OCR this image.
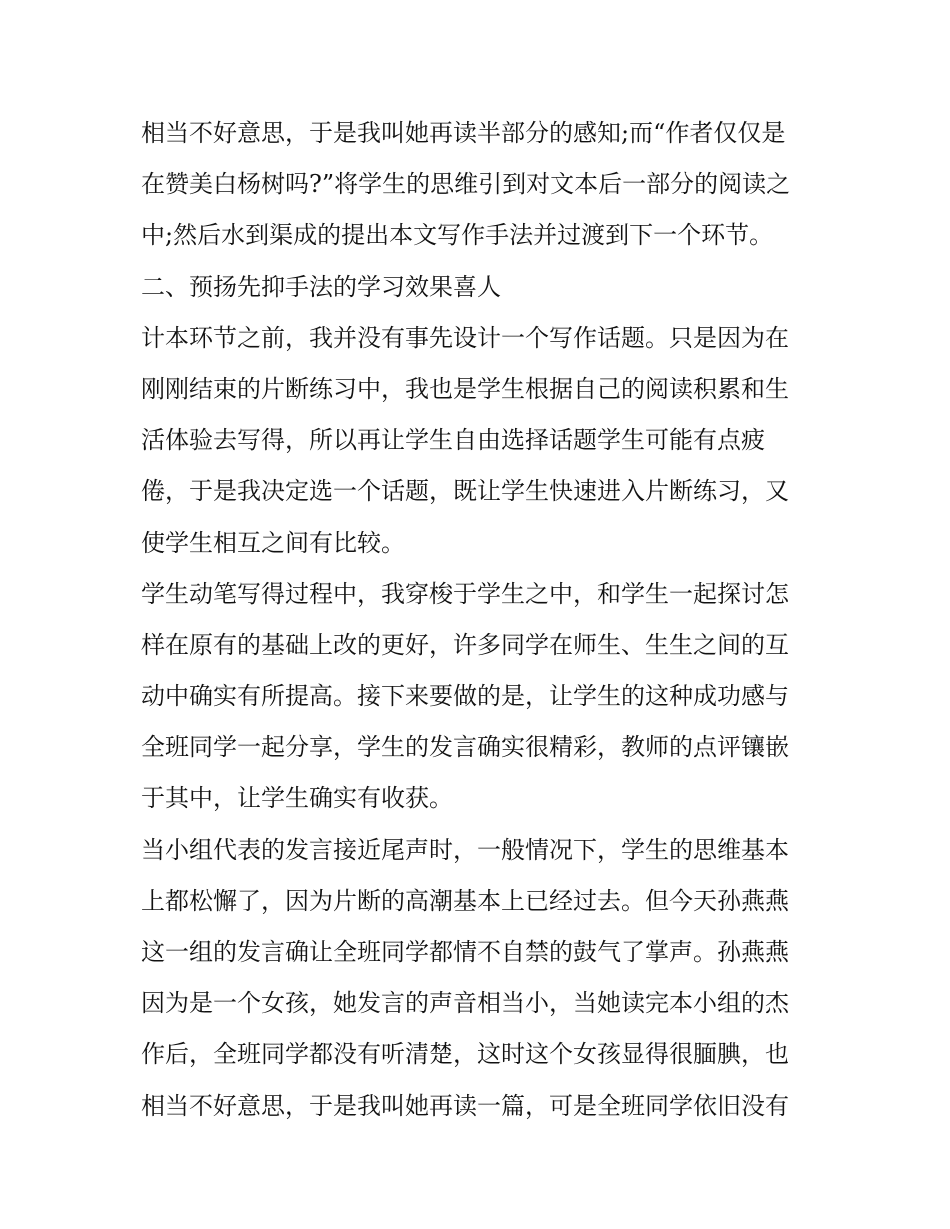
相当不好意思，于是我叫她再读半部分的感知;而“作者仅仅是
在赞美白杨树吗?”将学生的思维引到对文本后一部分的阅读之
中;然后水到渠成的提出本文写作手法并过渡到下一个环节。
二、预扬先抑手法的学习效果喜人
计本环节之前，我并没有事先设计一个写作话题。只是因为在
刚刚结束的片断练习中，我也是学生根据自己的阅读积累和生
活体验去写得，所以再让学生自由选择话题学生可能有点疲
倦，于是我决定选一个话题，既让学生快速进入片断练习，又
使学生相互之间有比较。
学生动笔写得过程中，我穿梭于学生之中，和学生一起探讨怎
样在原有的基础上改的更好，许多同学在师生、生生之间的互
动中确实有所提高。接下来要做的是，让学生的这种成功感与
全班同学一起分享，学生的发言确实很精彩，教师的点评镶嵌
于其中，让学生确实有收获。
当小组代表的发言接近尾声时，一般情况下，学生的思维基本
上都松懈了，因为片断的高潮基本上已经过去。但今天孙燕燕
这一组的发言确让全班同学都情不自禁的鼓气了掌声。孙燕燕
因为是一个女孩，她发言的声音相当小，当她读完本小组的杰
作后，全班同学都没有听清楚，这时这个女孩显得很腼腆，也
相当不好意思，于是我叫她再读一篇，可是全班同学依旧没有
